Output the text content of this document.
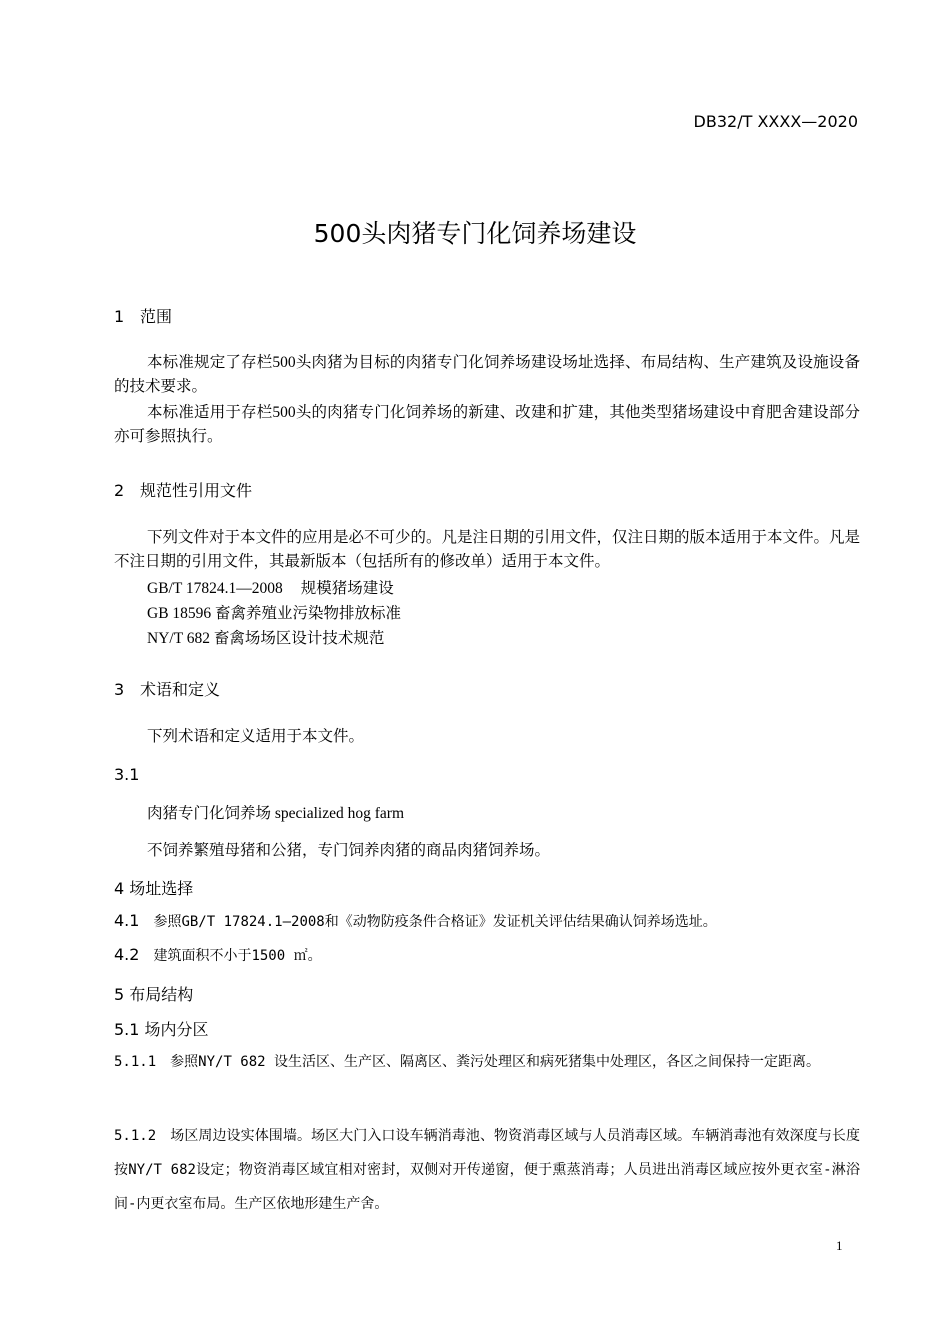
DB32/T XXXX—2020
500头肉猪专门化饲养场建设
1 范围
本标准规定了存栏500头肉猪为目标的肉猪专门化饲养场建设场址选择、布局结构、生产建筑及设施设备的技术要求。
本标准适用于存栏500头的肉猪专门化饲养场的新建、改建和扩建，其他类型猪场建设中育肥舍建设部分亦可参照执行。
2 规范性引用文件
下列文件对于本文件的应用是必不可少的。凡是注日期的引用文件，仅注日期的版本适用于本文件。凡是不注日期的引用文件，其最新版本（包括所有的修改单）适用于本文件。
GB/T 17824.1—2008 规模猪场建设
GB 18596 畜禽养殖业污染物排放标准
NY/T 682 畜禽场场区设计技术规范
3 术语和定义
下列术语和定义适用于本文件。
3.1
肉猪专门化饲养场 specialized hog farm
不饲养繁殖母猪和公猪，专门饲养肉猪的商品肉猪饲养场。
4 场址选择
4.1 参照GB/T 17824.1—2008和《动物防疫条件合格证》发证机关评估结果确认饲养场选址。
4.2 建筑面积不小于1500 ㎡。
5 布局结构
5.1 场内分区
5.1.1 参照NY/T 682 设生活区、生产区、隔离区、粪污处理区和病死猪集中处理区，各区之间保持一定距离。
5.1.2 场区周边设实体围墙。场区大门入口设车辆消毒池、物资消毒区域与人员消毒区域。车辆消毒池有效深度与长度按NY/T 682设定；物资消毒区域宜相对密封，双侧对开传递窗，便于熏蒸消毒；人员进出消毒区域应按外更衣室-淋浴间-内更衣室布局。生产区依地形建生产舍。
1
